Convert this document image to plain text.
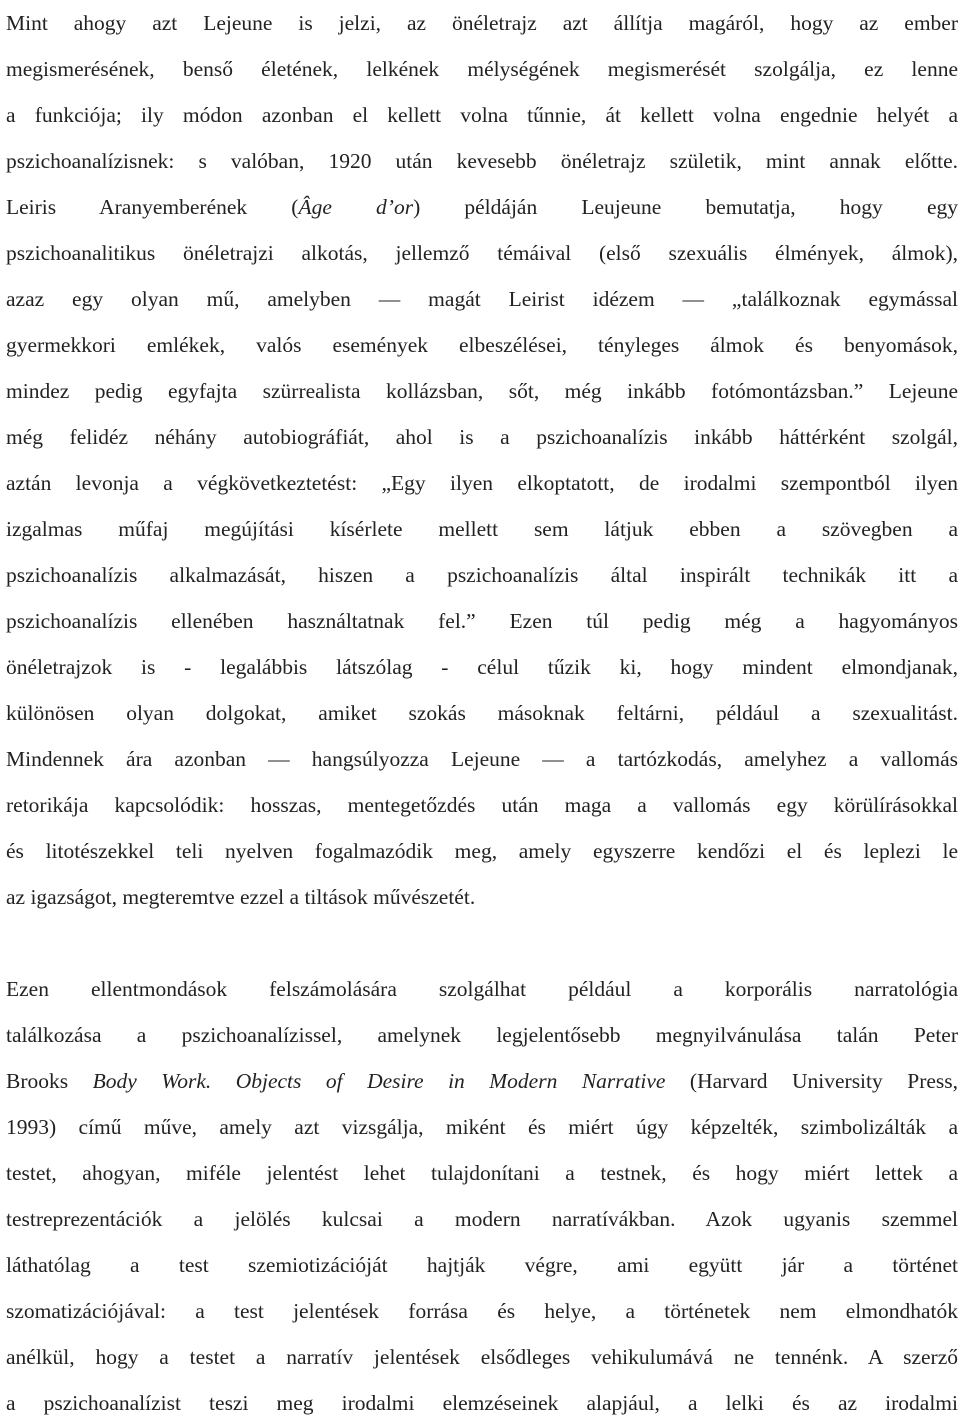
Mint ahogy azt Lejeune is jelzi, az önéletrajz azt állítja magáról, hogy az ember
megismerésének, benső életének, lelkének mélységének megismerését szolgálja, ez lenne
a funkciója; ily módon azonban el kellett volna tűnnie, át kellett volna engednie helyét a
pszichoanalízisnek: s valóban, 1920 után kevesebb önéletrajz születik, mint annak előtte.
Leiris Aranyemberének (Âge d’or) példáján Leujeune bemutatja, hogy egy
pszichoanalitikus önéletrajzi alkotás, jellemző témáival (első szexuális élmények, álmok),
azaz egy olyan mű, amelyben — magát Leirist idézem — „találkoznak egymással
gyermekkori emlékek, valós események elbeszélései, tényleges álmok és benyomások,
mindez pedig egyfajta szürrealista kollázsban, sőt, még inkább fotómontázsban.” Lejeune
még felidéz néhány autobiográfiát, ahol is a pszichoanalízis inkább háttérként szolgál,
aztán levonja a végkövetkeztetést: „Egy ilyen elkoptatott, de irodalmi szempontból ilyen
izgalmas műfaj megújítási kísérlete mellett sem látjuk ebben a szövegben a
pszichoanalízis alkalmazását, hiszen a pszichoanalízis által inspirált technikák itt a
pszichoanalízis ellenében használtatnak fel.” Ezen túl pedig még a hagyományos
önéletrajzok is - legalábbis látszólag - célul tűzik ki, hogy mindent elmondjanak,
különösen olyan dolgokat, amiket szokás másoknak feltárni, például a szexualitást.
Mindennek ára azonban — hangsúlyozza Lejeune — a tartózkodás, amelyhez a vallomás
retorikája kapcsolódik: hosszas, mentegetőzdés után maga a vallomás egy körülírásokkal
és litotészekkel teli nyelven fogalmazódik meg, amely egyszerre kendőzi el és leplezi le
az igazságot, megteremtve ezzel a tiltások művészetét.
Ezen ellentmondások felszámolására szolgálhat például a korporális narratológia
találkozása a pszichoanalízissel, amelynek legjelentősebb megnyilvánulása talán Peter
Brooks Body Work. Objects of Desire in Modern Narrative (Harvard University Press,
1993) című műve, amely azt vizsgálja, miként és miért úgy képzelték, szimbolizálták a
testet, ahogyan, miféle jelentést lehet tulajdonítani a testnek, és hogy miért lettek a
testreprezentációk a jelölés kulcsai a modern narratívákban. Azok ugyanis szemmel
láthatólag a test szemiotizációját hajtják végre, ami együtt jár a történet
szomatizációjával: a test jelentések forrása és helye, a történetek nem elmondhatók
anélkül, hogy a testet a narratív jelentések elsődleges vehikulumává ne tennénk. A szerző
a pszichoanalízist teszi meg irodalmi elemzéseinek alapjául, a lelki és az irodalmi
